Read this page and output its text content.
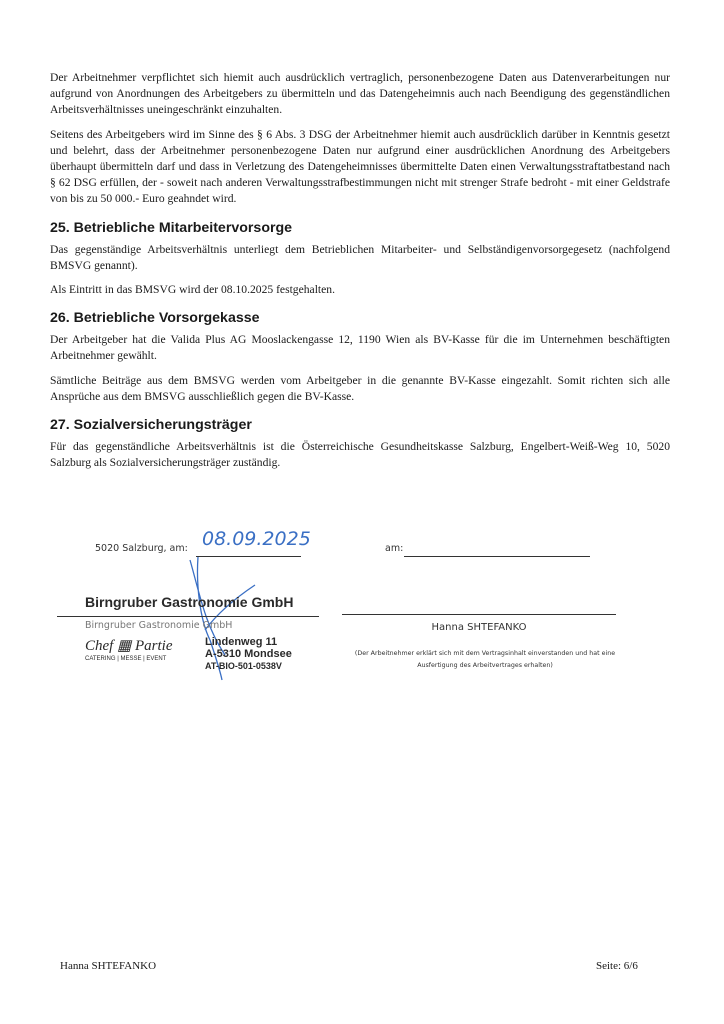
Der Arbeitnehmer verpflichtet sich hiemit auch ausdrücklich vertraglich, personenbezogene Daten aus Datenverarbeitungen nur aufgrund von Anordnungen des Arbeitgebers zu übermitteln und das Datengeheimnis auch nach Beendigung des gegenständlichen Arbeitsverhältnisses uneingeschränkt einzuhalten.

Seitens des Arbeitgebers wird im Sinne des § 6 Abs. 3 DSG der Arbeitnehmer hiemit auch ausdrücklich darüber in Kenntnis gesetzt und belehrt, dass der Arbeitnehmer personenbezogene Daten nur aufgrund einer ausdrücklichen Anordnung des Arbeitgebers überhaupt übermitteln darf und dass in Verletzung des Datengeheimnisses übermittelte Daten einen Verwaltungsstraftatbestand nach § 62 DSG erfüllen, der - soweit nach anderen Verwaltungsstrafbestimmungen nicht mit strenger Strafe bedroht - mit einer Geldstrafe von bis zu 50 000.- Euro geahndet wird.

25. Betriebliche Mitarbeitervorsorge

Das gegenständige Arbeitsverhältnis unterliegt dem Betrieblichen Mitarbeiter- und Selbständigenvorsorgegesetz (nachfolgend BMSVG genannt).

Als Eintritt in das BMSVG wird der 08.10.2025 festgehalten.

26. Betriebliche Vorsorgekasse

Der Arbeitgeber hat die Valida Plus AG Mooslackengasse 12, 1190 Wien als BV-Kasse für die im Unternehmen beschäftigten Arbeitnehmer gewählt.

Sämtliche Beiträge aus dem BMSVG werden vom Arbeitgeber in die genannte BV-Kasse eingezahlt. Somit richten sich alle Ansprüche aus dem BMSVG ausschließlich gegen die BV-Kasse.

27. Sozialversicherungsträger

Für das gegenständliche Arbeitsverhältnis ist die Österreichische Gesundheitskasse Salzburg, Engelbert-Weiß-Weg 10, 5020 Salzburg als Sozialversicherungsträger zuständig.

5020 Salzburg, am: 08.09.2025
Birngruber Gastronomie GmbH
Birngruber Gastronomie GmbH
Chef ▦ Partie
CATERING | MESSE | EVENT
Lindenweg 11
A-5310 Mondsee
AT-BIO-501-0538V
am:
Hanna SHTEFANKO
(Der Arbeitnehmer erklärt sich mit dem Vertragsinhalt einverstanden und hat eine Ausfertigung des Arbeitvertrages erhalten)
Hanna SHTEFANKO	Seite: 6/6
